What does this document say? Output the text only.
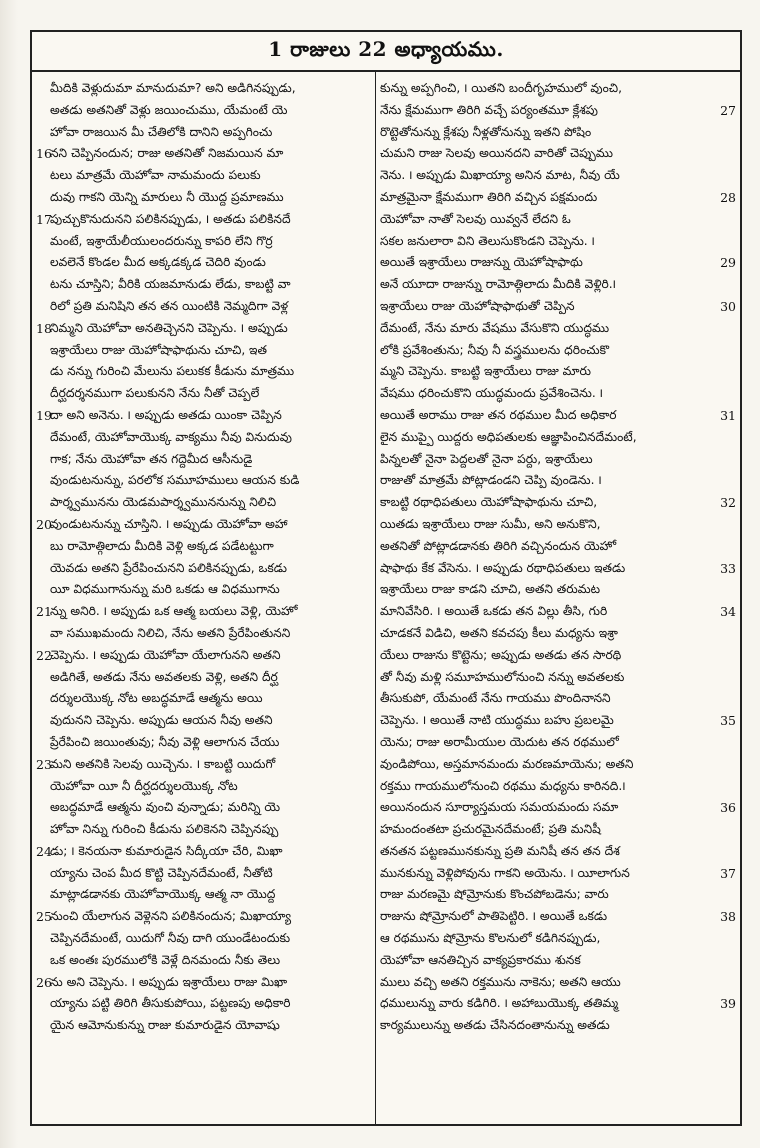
1 రాజులు 22 అధ్యాయము.
మీదికి వెళ్లుదుమా మానుదుమా? అని అడిగినప్పుడు,
అతడు అతనితో వెళ్లు జయించుము, యేమంటే యె
హోవా రాజయిన మీ చేతిలోకి దానిని అప్పగించు
16
నని చెప్పినందున; రాజు అతనితో నిజమయిన మా
టలు మాత్రమే యెహోవా నామమందు పలుకు
దువు గాకని యెన్ని మారులు నీ యొద్ద ప్రమాణము
17
పుచ్చుకొనుదునని పలికినప్పుడు, ౹ అతడు పలికినదే
మంటే, ఇశ్రాయేలీయులందరున్ను కాపరి లేని గొర్ర
లవలెనే కొండల మీద అక్కడక్కడ చెదిరి వుండు
టను చూస్తిని; వీరికి యజమానుడు లేడు, కాబట్టి వా
రిలో ప్రతి మనిషిని తన తన యింటికి నెమ్మదిగా వెళ్ల
18
నిమ్మని యెహోవా అనతిచ్చెనని చెప్పెను. ౹ అప్పుడు
ఇశ్రాయేలు రాజు యెహోషాఫాథును చూచి, ఇత
డు నన్ను గురించి మేలును పలుకక కీడును మాత్రము
దీర్ఘదర్శనముగా పలుకునని నేను నీతో చెప్పలే
19
దా అని అనెను. ౹ అప్పుడు అతడు యింకా చెప్పిన
దేమంటే, యెహోవాయొక్క వాక్యము నీవు వినుదువు
గాక; నేను యెహోవా తన గద్దెమీద ఆసీనుడై
వుండుటనున్ను, పరలోక సమూహములు ఆయన కుడి
పార్శ్వమునను యెడమపార్శ్వముననున్ను నిలిచి
20
వుండుటనున్ను చూస్తిని. ౹ అప్పుడు యెహోవా అహా
బు రామోత్గిలాదు మీదికి వెళ్లి అక్కడ పడేటట్టుగా
యెవడు అతని ప్రేరేపించునని పలికినప్పుడు, ఒకడు
యీ విధముగానున్ను మరి ఒకడు ఆ విధముగాను
21
న్ను అనిరి. ౹ అప్పుడు ఒక ఆత్మ బయలు వెళ్లి, యెహో
వా సముఖమందు నిలిచి, నేను అతని ప్రేరేపింతునని
22
చెప్పెను. ౹ అప్పుడు యెహోవా యేలాగునని అతని
అడిగితే, అతడు నేను అవతలకు వెళ్లి, అతని దీర్ఘ
దర్శులయొక్క నోట అబద్ధమాడే ఆత్మను అయి
వుదునని చెప్పెను. అప్పుడు ఆయన నీవు అతని
ప్రేరేపించి జయింతువు; నీవు వెళ్లి ఆలాగున చేయు
23
మని అతనికి సెలవు యిచ్చెను. ౹ కాబట్టి యిదుగో
యెహోవా యీ నీ దీర్ఘదర్శులయొక్క నోట
అబద్ధమాడే ఆత్మను వుంచి వున్నాడు; మరిన్ని యె
హోవా నిన్ను గురించి కీడును పలికెనని చెప్పినప్పు
24
డు; ౹ కెనయనా కుమారుడైన సిద్కీయా చేరి, మిఖా
య్యాను చెంప మీద కొట్టి చెప్పినదేమంటే, నీతోటి
మాట్లాడడానకు యెహోవాయొక్క ఆత్మ నా యొద్ద
25
నుంచి యేలాగున వెళ్లెనని పలికినందున; మిఖాయ్యా
చెప్పినదేమంటే, యిదుగో నీవు దాగి యుండేటందుకు
ఒక అంతః పురములోకి వెళ్లే దినమందు నీకు తెలు
26
ను అని చెప్పెను. ౹ అప్పుడు ఇశ్రాయేలు రాజు మిఖా
య్యాను పట్టి తిరిగి తీసుకుపోయి, పట్టణపు అధికారి
యైన ఆమోనుకున్ను రాజు కుమారుడైన యోవాషు
కున్ను అప్పగించి, ౹ యితని బందీగృహములో వుంచి,
27
నేను క్షేమముగా తిరిగి వచ్చే పర్యంతమూ క్లేశపు
రొట్టెతోనున్ను క్లేశపు నీళ్లతోనున్ను ఇతని పోషిం
చుమని రాజు సెలవు అయినదని వారితో చెప్పుము
నెను. ౹ అప్పుడు మిఖాయ్యా అనిన మాట, నీవు యే
28
మాత్రమైనా క్షేమముగా తిరిగి వచ్చిన పక్షమందు
యెహోవా నాతో సెలవు యివ్వనే లేదని ఓ
సకల జనులారా విని తెలుసుకొండని చెప్పెను. ౹
29
అయితే ఇశ్రాయేలు రాజున్ను యెహోషాఫాథు
అనే యూదా రాజున్ను రామోత్గిలాదు మీదికి వెళ్లిరి.౹
30
ఇశ్రాయేలు రాజు యెహోషాఫాథుతో చెప్పిన
దేమంటే, నేను మారు వేషము వేసుకొని యుద్ధము
లోకి ప్రవేశింతును; నీవు నీ వస్త్రములను ధరించుకొ
మ్మని చెప్పెను. కాబట్టి ఇశ్రాయేలు రాజు మారు
వేషము ధరించుకొని యుద్ధమందు ప్రవేశించెను. ౹
31
అయితే అరాము రాజు తన రథముల మీద అధికార
లైన ముప్పై యిద్దరు అధిపతులకు ఆజ్ఞాపించినదేమంటే,
పిన్నలతో నైనా పెద్దలతో నైనా పర్దు, ఇశ్రాయేలు
రాజుతో మాత్రమే పోట్లాడండని చెప్పి వుండెను. ౹
32
కాబట్టి రథాధిపతులు యెహోషాఫాథును చూచి,
యితడు ఇశ్రాయేలు రాజు సుమీ, అని అనుకొని,
అతనితో పోట్లాడడానకు తిరిగి వచ్చినందున యెహో
33
షాఫాథు కేక వేసెను. ౹ అప్పుడు రథాధిపతులు ఇతడు
ఇశ్రాయేలు రాజు కాడని చూచి, అతని తరుమట
34
మానివేసిరి. ౹ అయితే ఒకడు తన విల్లు తీసి, గురి
చూడకనే విడిచి, అతని కవచపు కీలు మధ్యను ఇశ్రా
యేలు రాజును కొట్టెను; అప్పుడు అతడు తన సారథి
తో నీవు మళ్లి సమూహములోనుంచి నన్ను అవతలకు
తీసుకుపో, యేమంటే నేను గాయము పొందినానని
35
చెప్పెను. ౹ అయితే నాటి యుద్ధము బహు ప్రబలమై
యెను; రాజు అరామీయుల యెదుట తన రథములో
వుండిపోయి, అస్తమానమందు మరణమాయెను; అతని
రక్తము గాయములోనుంచి రథము మధ్యను కారినది.౹
36
అయినందున సూర్యాస్తమయ సమయమందు సమా
హమందంతటా ప్రచురమైనదేమంటే; ప్రతి మనిషీ
తనతన పట్టణమునకున్ను ప్రతి మనిషీ తన తన దేశ
37
మునకున్ను వెళ్లిపోవును గాకని అయెను. ౹ యీలాగున
రాజు మరణమై షోమ్రోనుకు కొంచపోబడెను; వారు
38
రాజును షోమ్రోనులో పాతిపెట్టిరి. ౹ అయితే ఒకడు
ఆ రథమును షోమ్రోను కొలనులో కడిగినప్పుడు,
యెహోవా ఆనతిచ్చిన వాక్యప్రకారము శునక
ములు వచ్చి అతని రక్తమును నాకెను; అతని ఆయు
39
ధములున్ను వారు కడిగిరి. ౹ అహాబుయొక్క తతిమ్మ
కార్యములున్ను అతడు చేసినదంతానున్ను అతడు
